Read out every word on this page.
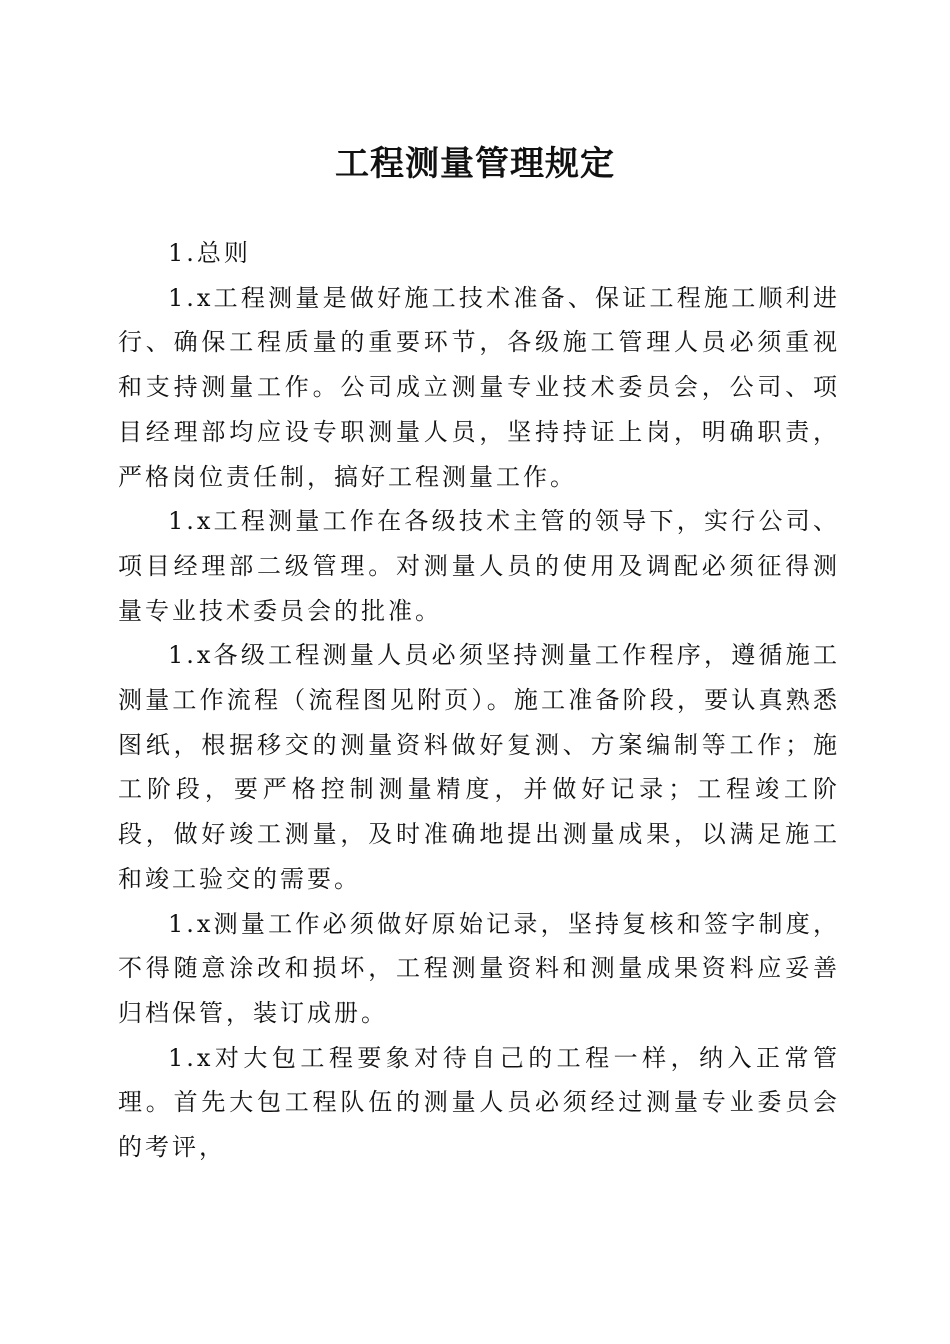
工程测量管理规定

1.总则

1.x工程测量是做好施工技术准备、保证工程施工顺利进行、确保工程质量的重要环节，各级施工管理人员必须重视和支持测量工作。公司成立测量专业技术委员会，公司、项目经理部均应设专职测量人员，坚持持证上岗，明确职责，严格岗位责任制，搞好工程测量工作。

1.x工程测量工作在各级技术主管的领导下，实行公司、项目经理部二级管理。对测量人员的使用及调配必须征得测量专业技术委员会的批准。

1.x各级工程测量人员必须坚持测量工作程序，遵循施工测量工作流程（流程图见附页）。施工准备阶段，要认真熟悉图纸，根据移交的测量资料做好复测、方案编制等工作；施工阶段，要严格控制测量精度，并做好记录；工程竣工阶段，做好竣工测量，及时准确地提出测量成果，以满足施工和竣工验交的需要。

1.x测量工作必须做好原始记录，坚持复核和签字制度，不得随意涂改和损坏，工程测量资料和测量成果资料应妥善归档保管，装订成册。

1.x对大包工程要象对待自己的工程一样，纳入正常管理。首先大包工程队伍的测量人员必须经过测量专业委员会的考评，
